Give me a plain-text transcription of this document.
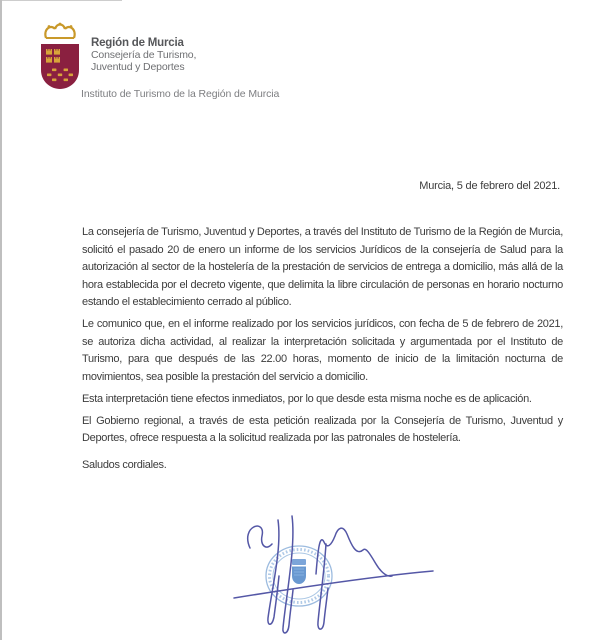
Región de Murcia
Consejería de Turismo,
Juventud y Deportes
Instituto de Turismo de la Región de Murcia
Murcia, 5 de febrero del 2021.

La consejería de Turismo, Juventud y Deportes, a través del Instituto de Turismo de la Región de Murcia, solicitó el pasado 20 de enero un informe de los servicios Jurídicos de la consejería de Salud para la autorización al sector de la hostelería de la prestación de servicios de entrega a domicilio, más allá de la hora establecida por el decreto vigente, que delimita la libre circulación de personas en horario nocturno estando el establecimiento cerrado al público.

Le comunico que, en el informe realizado por los servicios jurídicos, con fecha de 5 de febrero de 2021, se autoriza dicha actividad, al realizar la interpretación solicitada y argumentada por el Instituto de Turismo, para que después de las 22.00 horas, momento de inicio de la limitación nocturna de movimientos, sea posible la prestación del servicio a domicilio.

Esta interpretación tiene efectos inmediatos, por lo que desde esta misma noche es de aplicación.

El Gobierno regional, a través de esta petición realizada por la Consejería de Turismo, Juventud y Deportes, ofrece respuesta a la solicitud realizada por las patronales de hostelería.

Saludos cordiales.
